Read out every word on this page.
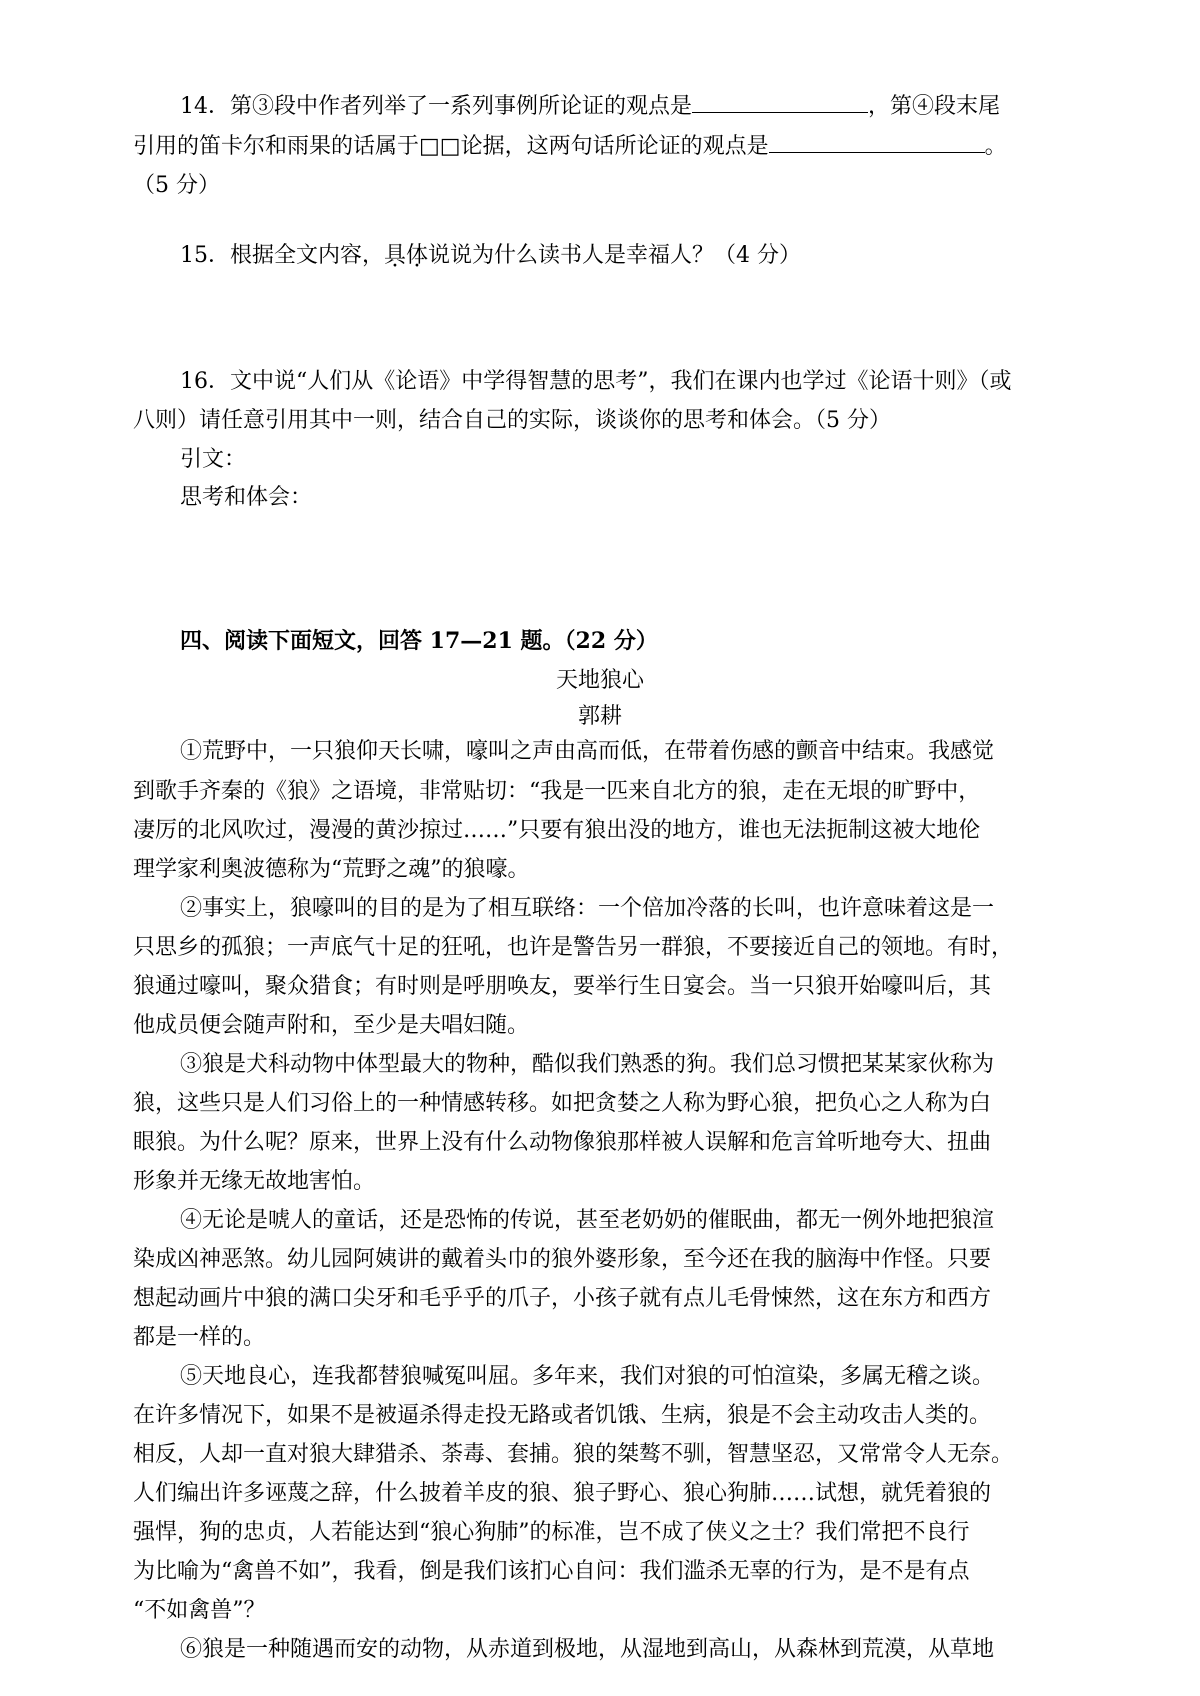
14．第③段中作者列举了一系列事例所论证的观点是	，第④段末尾
引用的笛卡尔和雨果的话属于□□论据，这两句话所论证的观点是	。
（5 分）
15．根据全文内容，具体说说为什么读书人是幸福人？（4 分）
16．文中说“人们从《论语》中学得智慧的思考”，我们在课内也学过《论语十则》（或
八则）请任意引用其中一则，结合自己的实际，谈谈你的思考和体会。（5 分）
引文：
思考和体会：
四、阅读下面短文，回答 17—21 题。（22 分）
天地狼心
郭耕
①荒野中，一只狼仰天长啸，嚎叫之声由高而低，在带着伤感的颤音中结束。我感觉
到歌手齐秦的《狼》之语境，非常贴切：“我是一匹来自北方的狼，走在无垠的旷野中，
凄厉的北风吹过，漫漫的黄沙掠过……”只要有狼出没的地方，谁也无法扼制这被大地伦
理学家利奥波德称为“荒野之魂”的狼嚎。
②事实上，狼嚎叫的目的是为了相互联络：一个倍加冷落的长叫，也许意味着这是一
只思乡的孤狼；一声底气十足的狂吼，也许是警告另一群狼，不要接近自己的领地。有时，
狼通过嚎叫，聚众猎食；有时则是呼朋唤友，要举行生日宴会。当一只狼开始嚎叫后，其
他成员便会随声附和，至少是夫唱妇随。
③狼是犬科动物中体型最大的物种，酷似我们熟悉的狗。我们总习惯把某某家伙称为
狼，这些只是人们习俗上的一种情感转移。如把贪婪之人称为野心狼，把负心之人称为白
眼狼。为什么呢？原来，世界上没有什么动物像狼那样被人误解和危言耸听地夸大、扭曲
形象并无缘无故地害怕。
④无论是唬人的童话，还是恐怖的传说，甚至老奶奶的催眠曲，都无一例外地把狼渲
染成凶神恶煞。幼儿园阿姨讲的戴着头巾的狼外婆形象，至今还在我的脑海中作怪。只要
想起动画片中狼的满口尖牙和毛乎乎的爪子，小孩子就有点儿毛骨悚然，这在东方和西方
都是一样的。
⑤天地良心，连我都替狼喊冤叫屈。多年来，我们对狼的可怕渲染，多属无稽之谈。
在许多情况下，如果不是被逼杀得走投无路或者饥饿、生病，狼是不会主动攻击人类的。
相反，人却一直对狼大肆猎杀、荼毒、套捕。狼的桀骜不驯，智慧坚忍，又常常令人无奈。
人们编出许多诬蔑之辞，什么披着羊皮的狼、狼子野心、狼心狗肺……试想，就凭着狼的
强悍，狗的忠贞，人若能达到“狼心狗肺”的标准，岂不成了侠义之士？我们常把不良行
为比喻为“禽兽不如”，我看，倒是我们该扪心自问：我们滥杀无辜的行为，是不是有点
“不如禽兽”？
⑥狼是一种随遇而安的动物，从赤道到极地，从湿地到高山，从森林到荒漠，从草地
